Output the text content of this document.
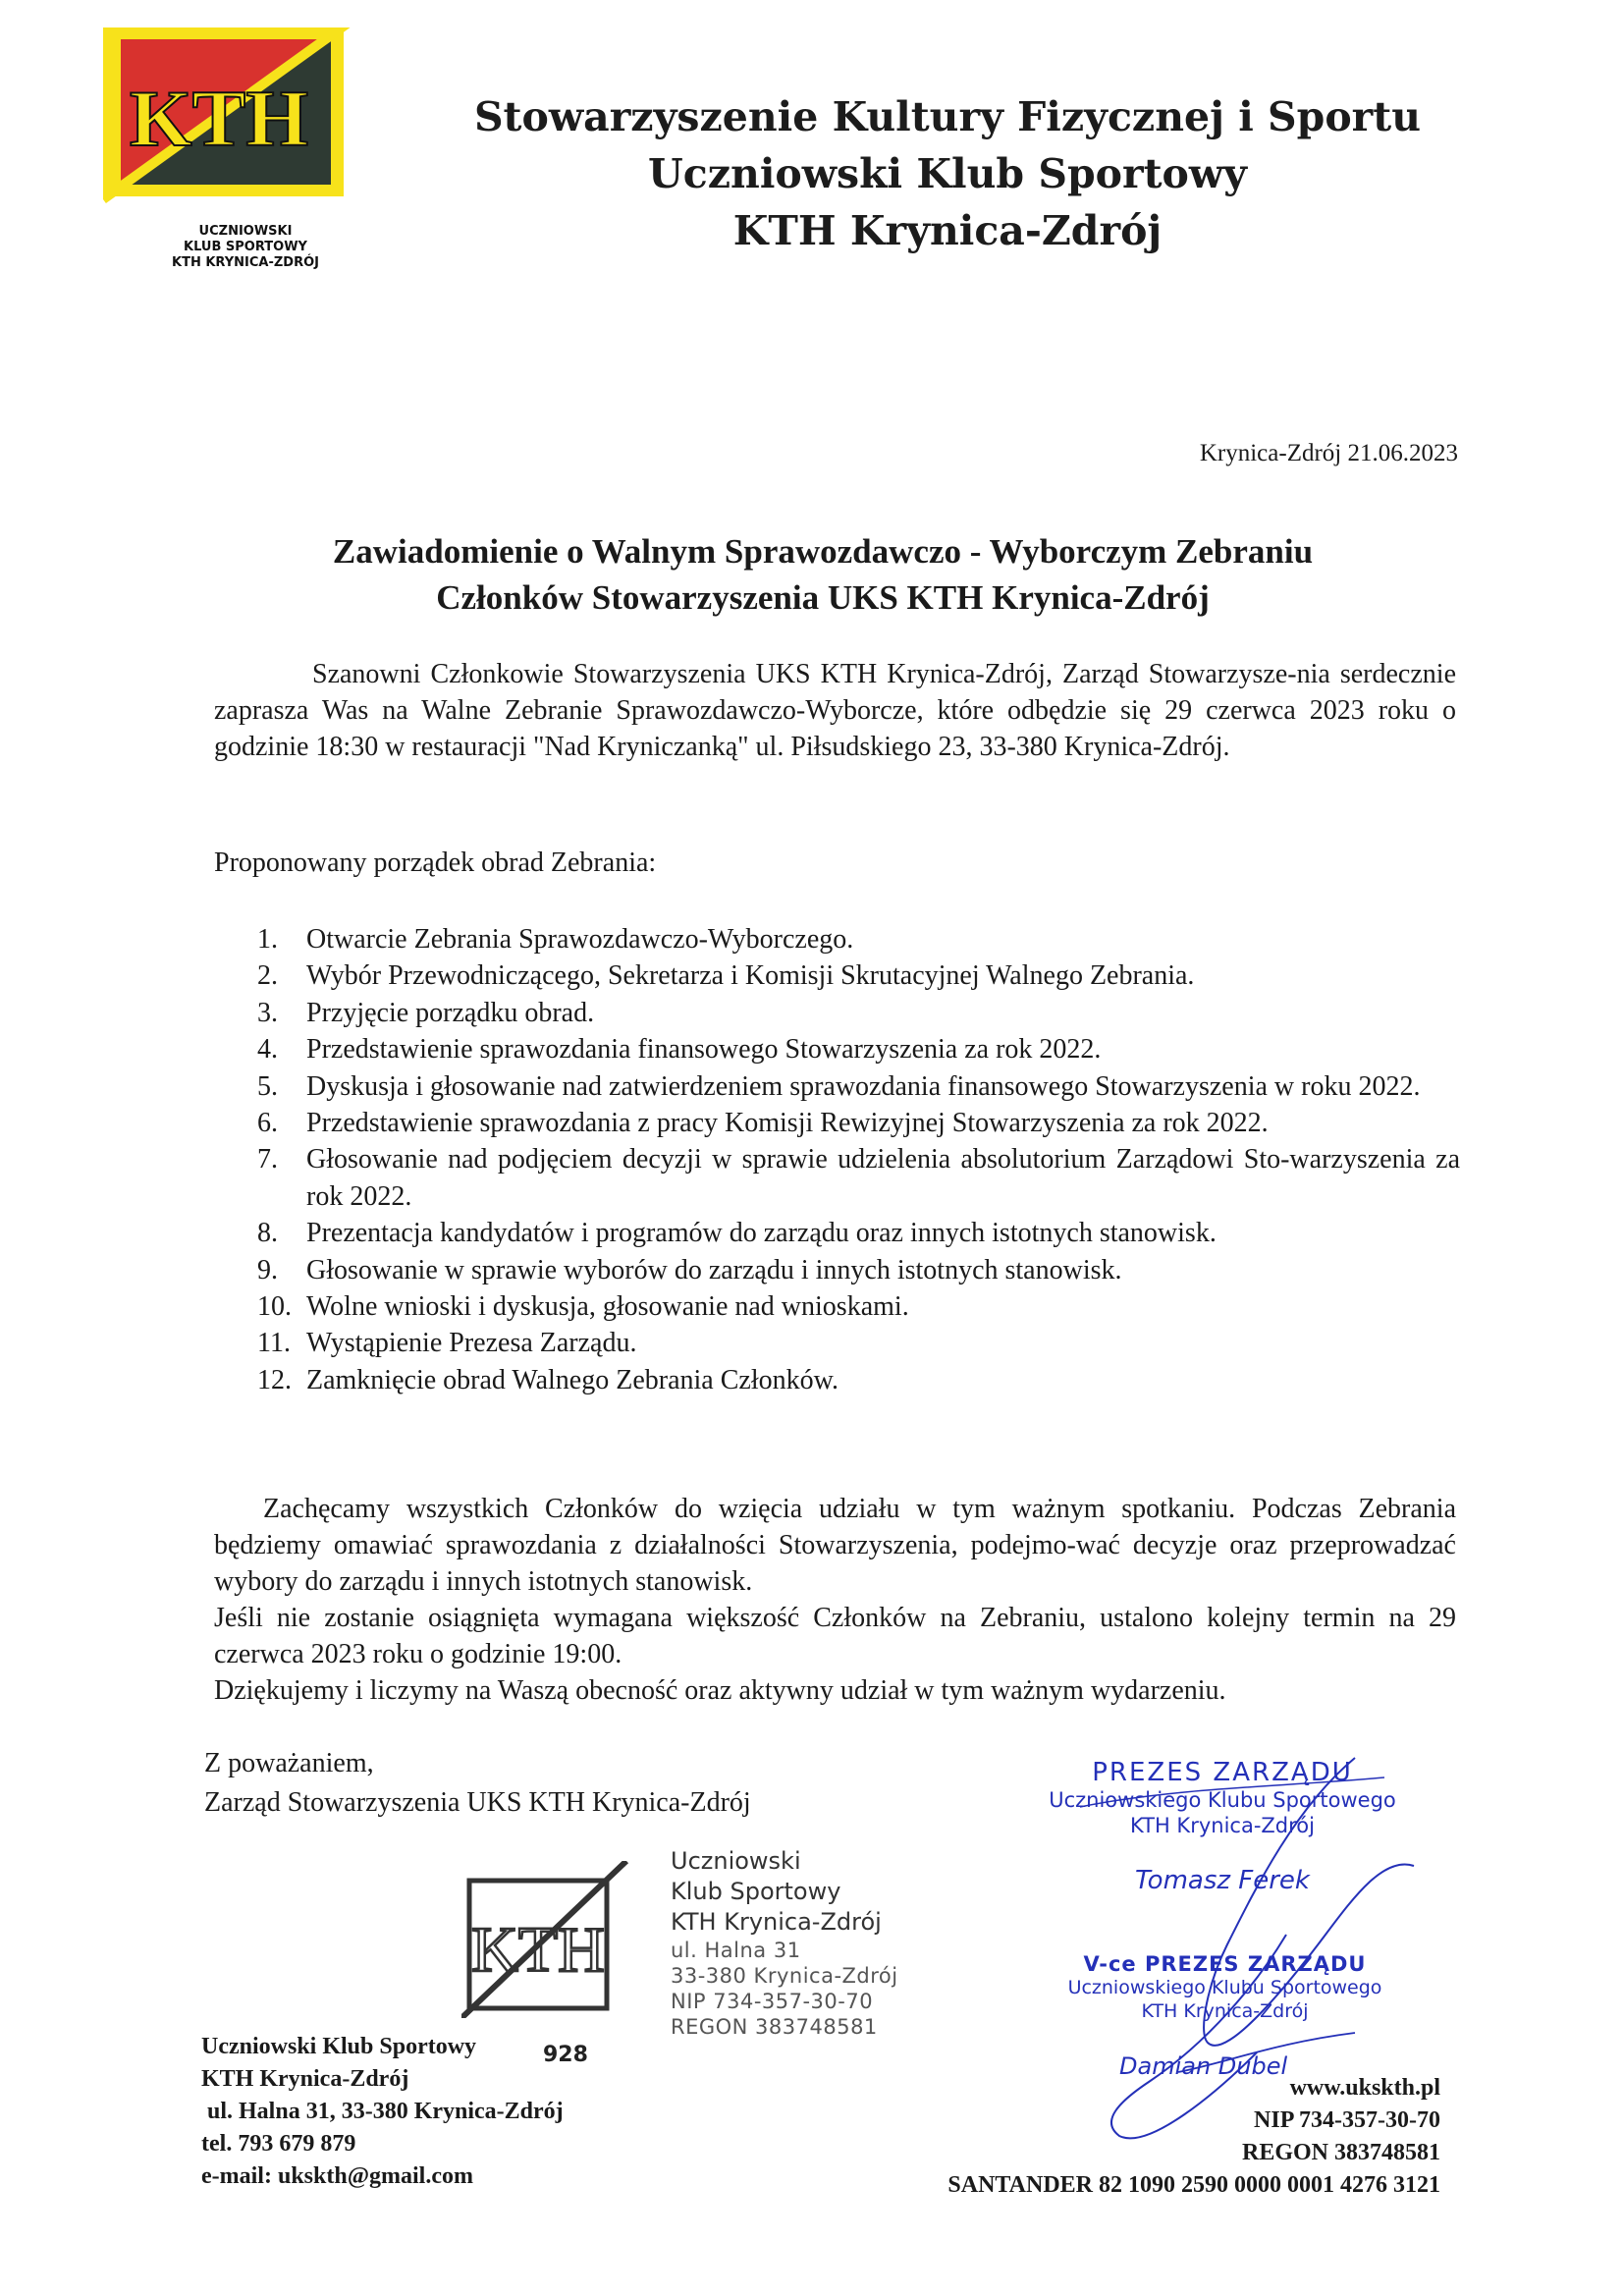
KTH
UCZNIOWSKI
KLUB SPORTOWY
KTH KRYNICA-ZDRÓJ
Stowarzyszenie Kultury Fizycznej i Sportu
Uczniowski Klub Sportowy
KTH Krynica-Zdrój
Krynica-Zdrój 21.06.2023
Zawiadomienie o Walnym Sprawozdawczo - Wyborczym Zebraniu
Członków Stowarzyszenia UKS KTH Krynica-Zdrój
Szanowni Członkowie Stowarzyszenia UKS KTH Krynica-Zdrój, Zarząd Stowarzysze-nia serdecznie zaprasza Was na Walne Zebranie Sprawozdawczo-Wyborcze, które odbędzie się 29 czerwca 2023 roku o godzinie 18:30 w restauracji "Nad Kryniczanką" ul. Piłsudskiego 23, 33-380 Krynica-Zdrój.
Proponowany porządek obrad Zebrania:
1.	Otwarcie Zebrania Sprawozdawczo-Wyborczego.
2.	Wybór Przewodniczącego, Sekretarza i Komisji Skrutacyjnej Walnego Zebrania.
3.	Przyjęcie porządku obrad.
4.	Przedstawienie sprawozdania finansowego Stowarzyszenia za rok 2022.
5.	Dyskusja i głosowanie nad zatwierdzeniem sprawozdania finansowego Stowarzyszenia w roku 2022.
6.	Przedstawienie sprawozdania z pracy Komisji Rewizyjnej Stowarzyszenia za rok 2022.
7.	Głosowanie nad podjęciem decyzji w sprawie udzielenia absolutorium Zarządowi Sto-warzyszenia za rok 2022.
8.	Prezentacja kandydatów i programów do zarządu oraz innych istotnych stanowisk.
9.	Głosowanie w sprawie wyborów do zarządu i innych istotnych stanowisk.
10. Wolne wnioski i dyskusja, głosowanie nad wnioskami.
11. Wystąpienie Prezesa Zarządu.
12. Zamknięcie obrad Walnego Zebrania Członków.
Zachęcamy wszystkich Członków do wzięcia udziału w tym ważnym spotkaniu. Podczas Zebrania będziemy omawiać sprawozdania z działalności Stowarzyszenia, podejmo-wać decyzje oraz przeprowadzać wybory do zarządu i innych istotnych stanowisk.
Jeśli nie zostanie osiągnięta wymagana większość Członków na Zebraniu, ustalono kolejny termin na 29 czerwca 2023 roku o godzinie 19:00.
Dziękujemy i liczymy na Waszą obecność oraz aktywny udział w tym ważnym wydarzeniu.
Z poważaniem,
Zarząd Stowarzyszenia UKS KTH Krynica-Zdrój
KTH
Uczniowski
Klub Sportowy
KTH Krynica-Zdrój
ul. Halna 31
33-380 Krynica-Zdrój
NIP 734-357-30-70
REGON 383748581
928
PREZES ZARZĄDU
Uczniowskiego Klubu Sportowego
KTH Krynica-Zdrój
Tomasz Ferek
V-ce PREZES ZARZĄDU
Uczniowskiego Klubu Sportowego
KTH Krynica-Zdrój
Damian Dubel
Uczniowski Klub Sportowy
KTH Krynica-Zdrój
ul. Halna 31, 33-380 Krynica-Zdrój
tel. 793 679 879
e-mail: ukskth@gmail.com
www.ukskth.pl
NIP 734-357-30-70
REGON 383748581
SANTANDER 82 1090 2590 0000 0001 4276 3121
